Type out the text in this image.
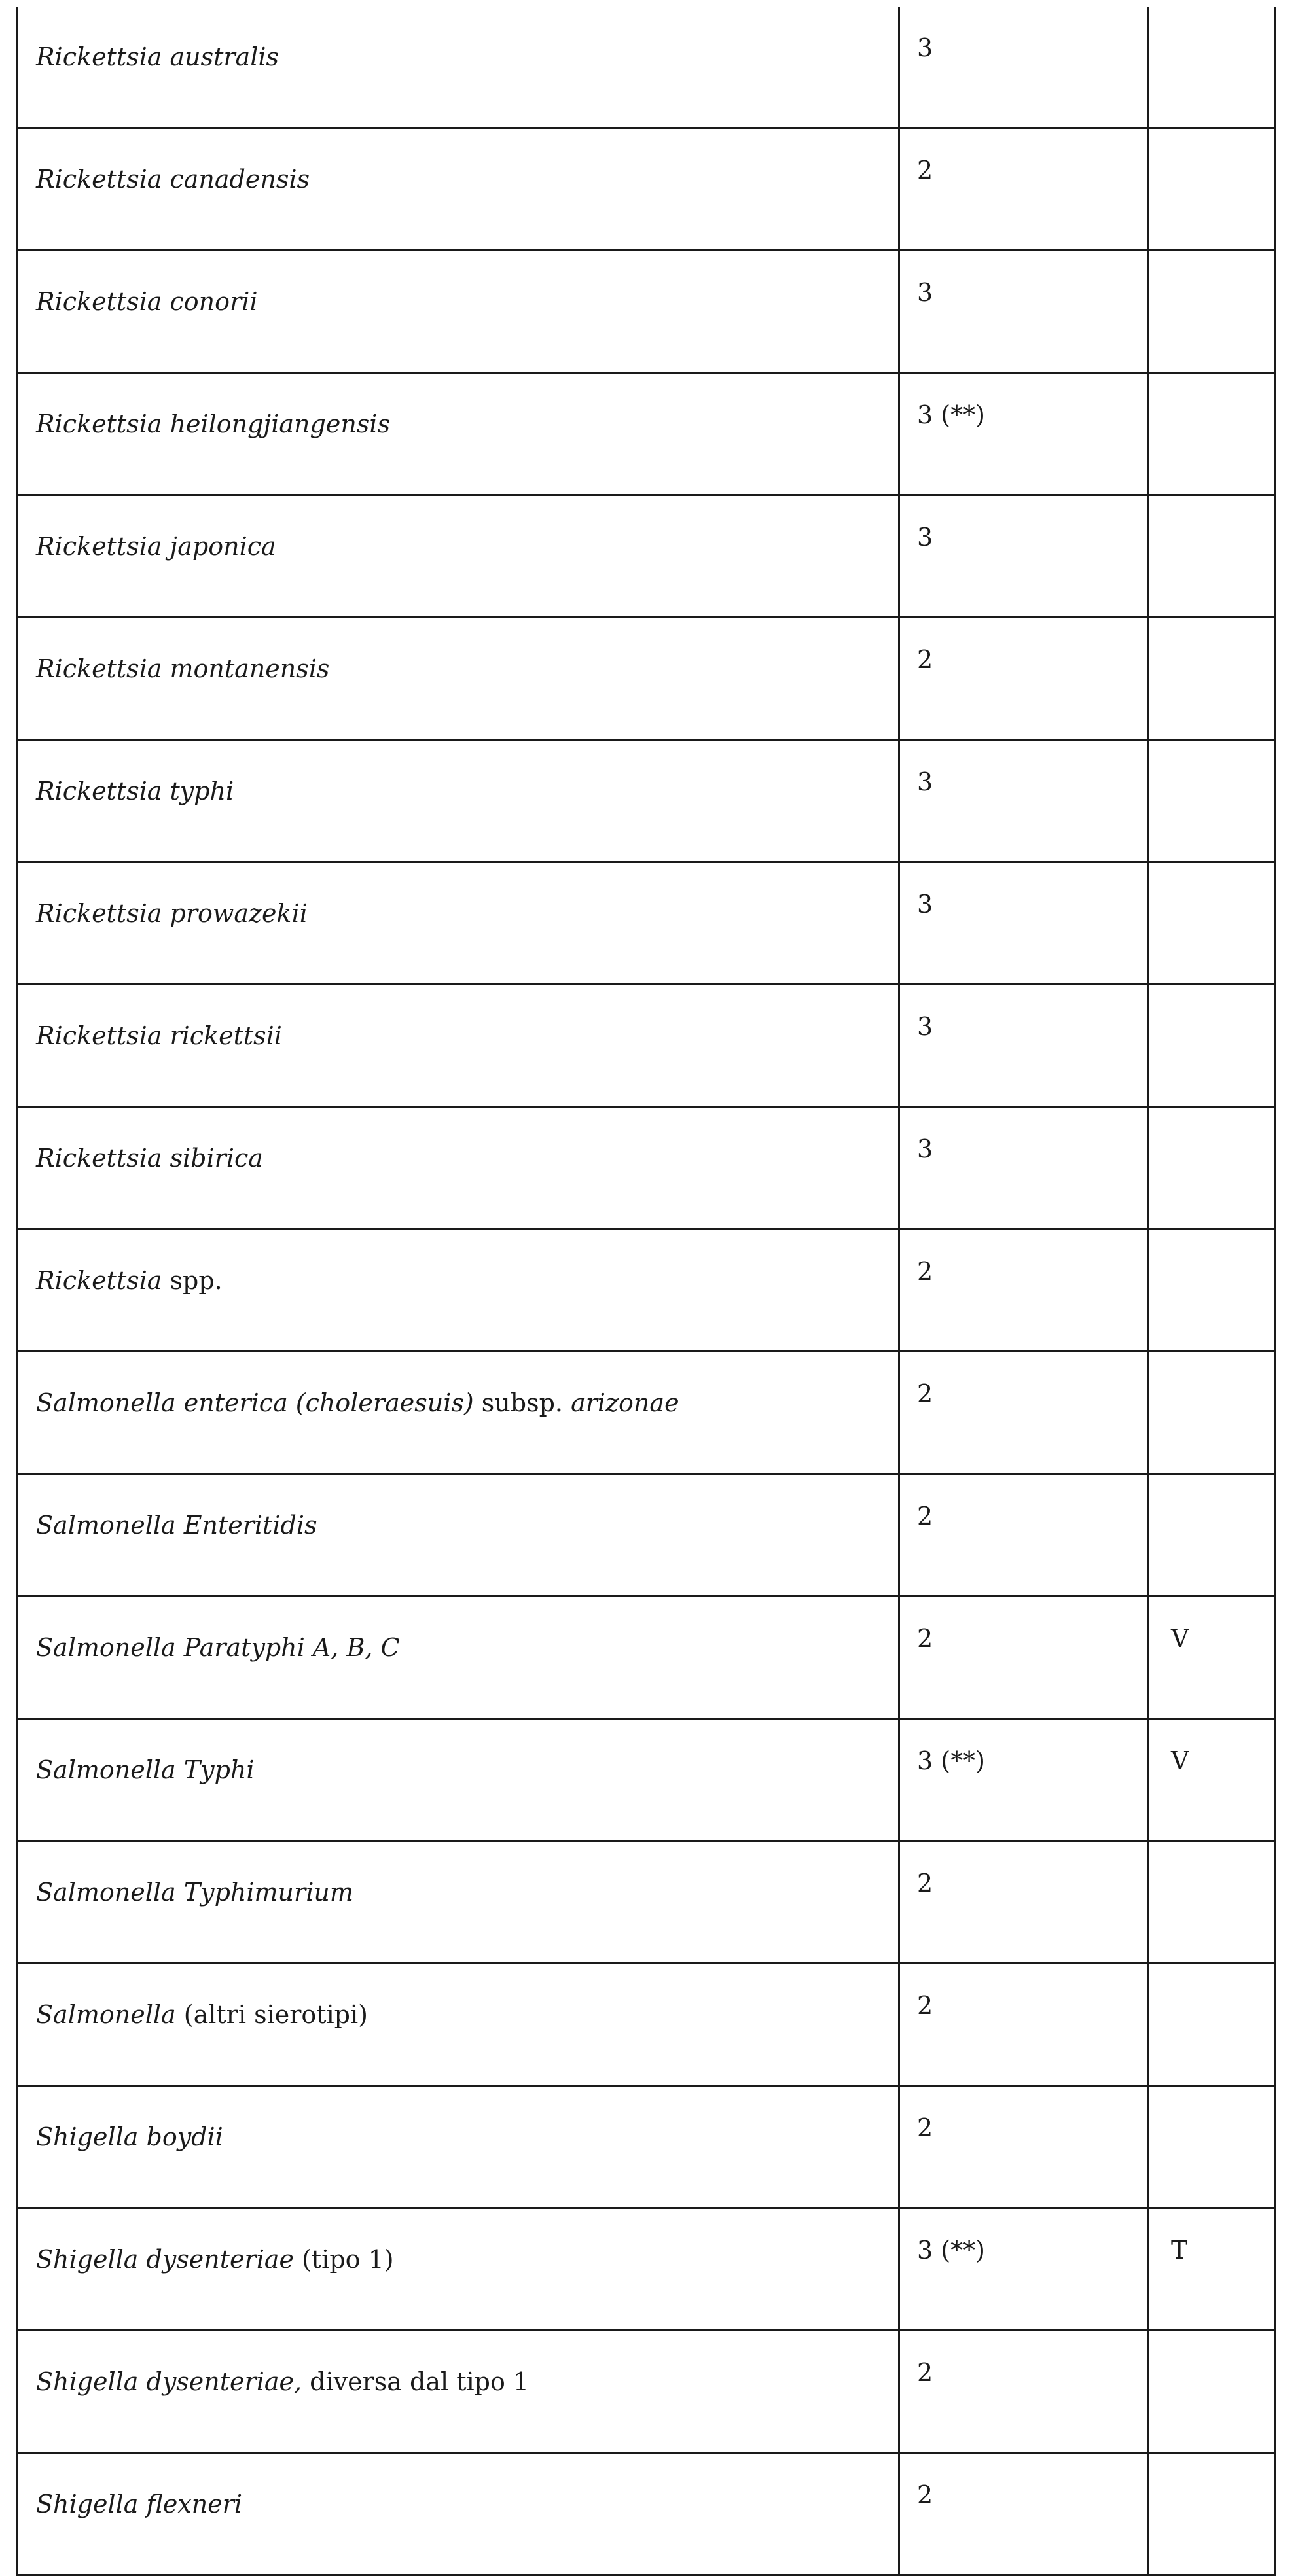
Rickettsia australis	3	
Rickettsia canadensis	2	
Rickettsia conorii	3	
Rickettsia heilongjiangensis	3 (**)	
Rickettsia japonica	3	
Rickettsia montanensis	2	
Rickettsia typhi	3	
Rickettsia prowazekii	3	
Rickettsia rickettsii	3	
Rickettsia sibirica	3	
Rickettsia spp.	2	
Salmonella enterica (choleraesuis) subsp. arizonae	2	
Salmonella Enteritidis	2	
Salmonella Paratyphi A, B, C	2	V
Salmonella Typhi	3 (**)	V
Salmonella Typhimurium	2	
Salmonella (altri sierotipi)	2	
Shigella boydii	2	
Shigella dysenteriae (tipo 1)	3 (**)	T
Shigella dysenteriae, diversa dal tipo 1	2	
Shigella flexneri	2	
